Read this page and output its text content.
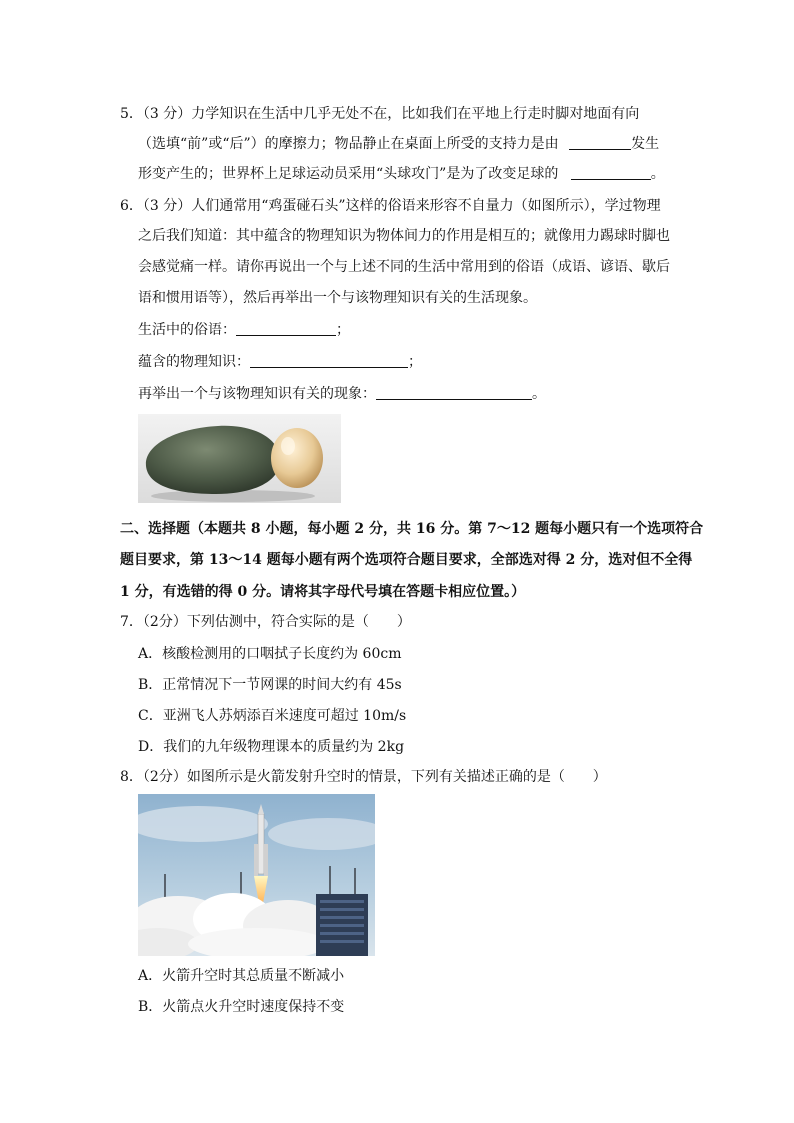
5．（3 分）力学知识在生活中几乎无处不在，比如我们在平地上行走时脚对地面有向
（选填“前”或“后”）的摩擦力；物品静止在桌面上所受的支持力是由	发生
形变产生的；世界杯上足球运动员采用“头球攻门”是为了改变足球的	。
6．（3 分）人们通常用“鸡蛋碰石头”这样的俗语来形容不自量力（如图所示），学过物理
之后我们知道：其中蕴含的物理知识为物体间力的作用是相互的；就像用力踢球时脚也
会感觉痛一样。请你再说出一个与上述不同的生活中常用到的俗语（成语、谚语、歇后
语和惯用语等），然后再举出一个与该物理知识有关的生活现象。
生活中的俗语：	；
蕴含的物理知识：	；
再举出一个与该物理知识有关的现象：	。
二、选择题（本题共 8 小题，每小题 2 分，共 16 分。第 7～12 题每小题只有一个选项符合
题目要求，第 13～14 题每小题有两个选项符合题目要求，全部选对得 2 分，选对但不全得
1 分，有选错的得 0 分。请将其字母代号填在答题卡相应位置。）
7．（2分）下列估测中，符合实际的是（　　）
A．核酸检测用的口咽拭子长度约为 60cm
B．正常情况下一节网课的时间大约有 45s
C．亚洲飞人苏炳添百米速度可超过 10m/s
D．我们的九年级物理课本的质量约为 2kg
8．（2分）如图所示是火箭发射升空时的情景，下列有关描述正确的是（　　）
A．火箭升空时其总质量不断减小
B．火箭点火升空时速度保持不变
